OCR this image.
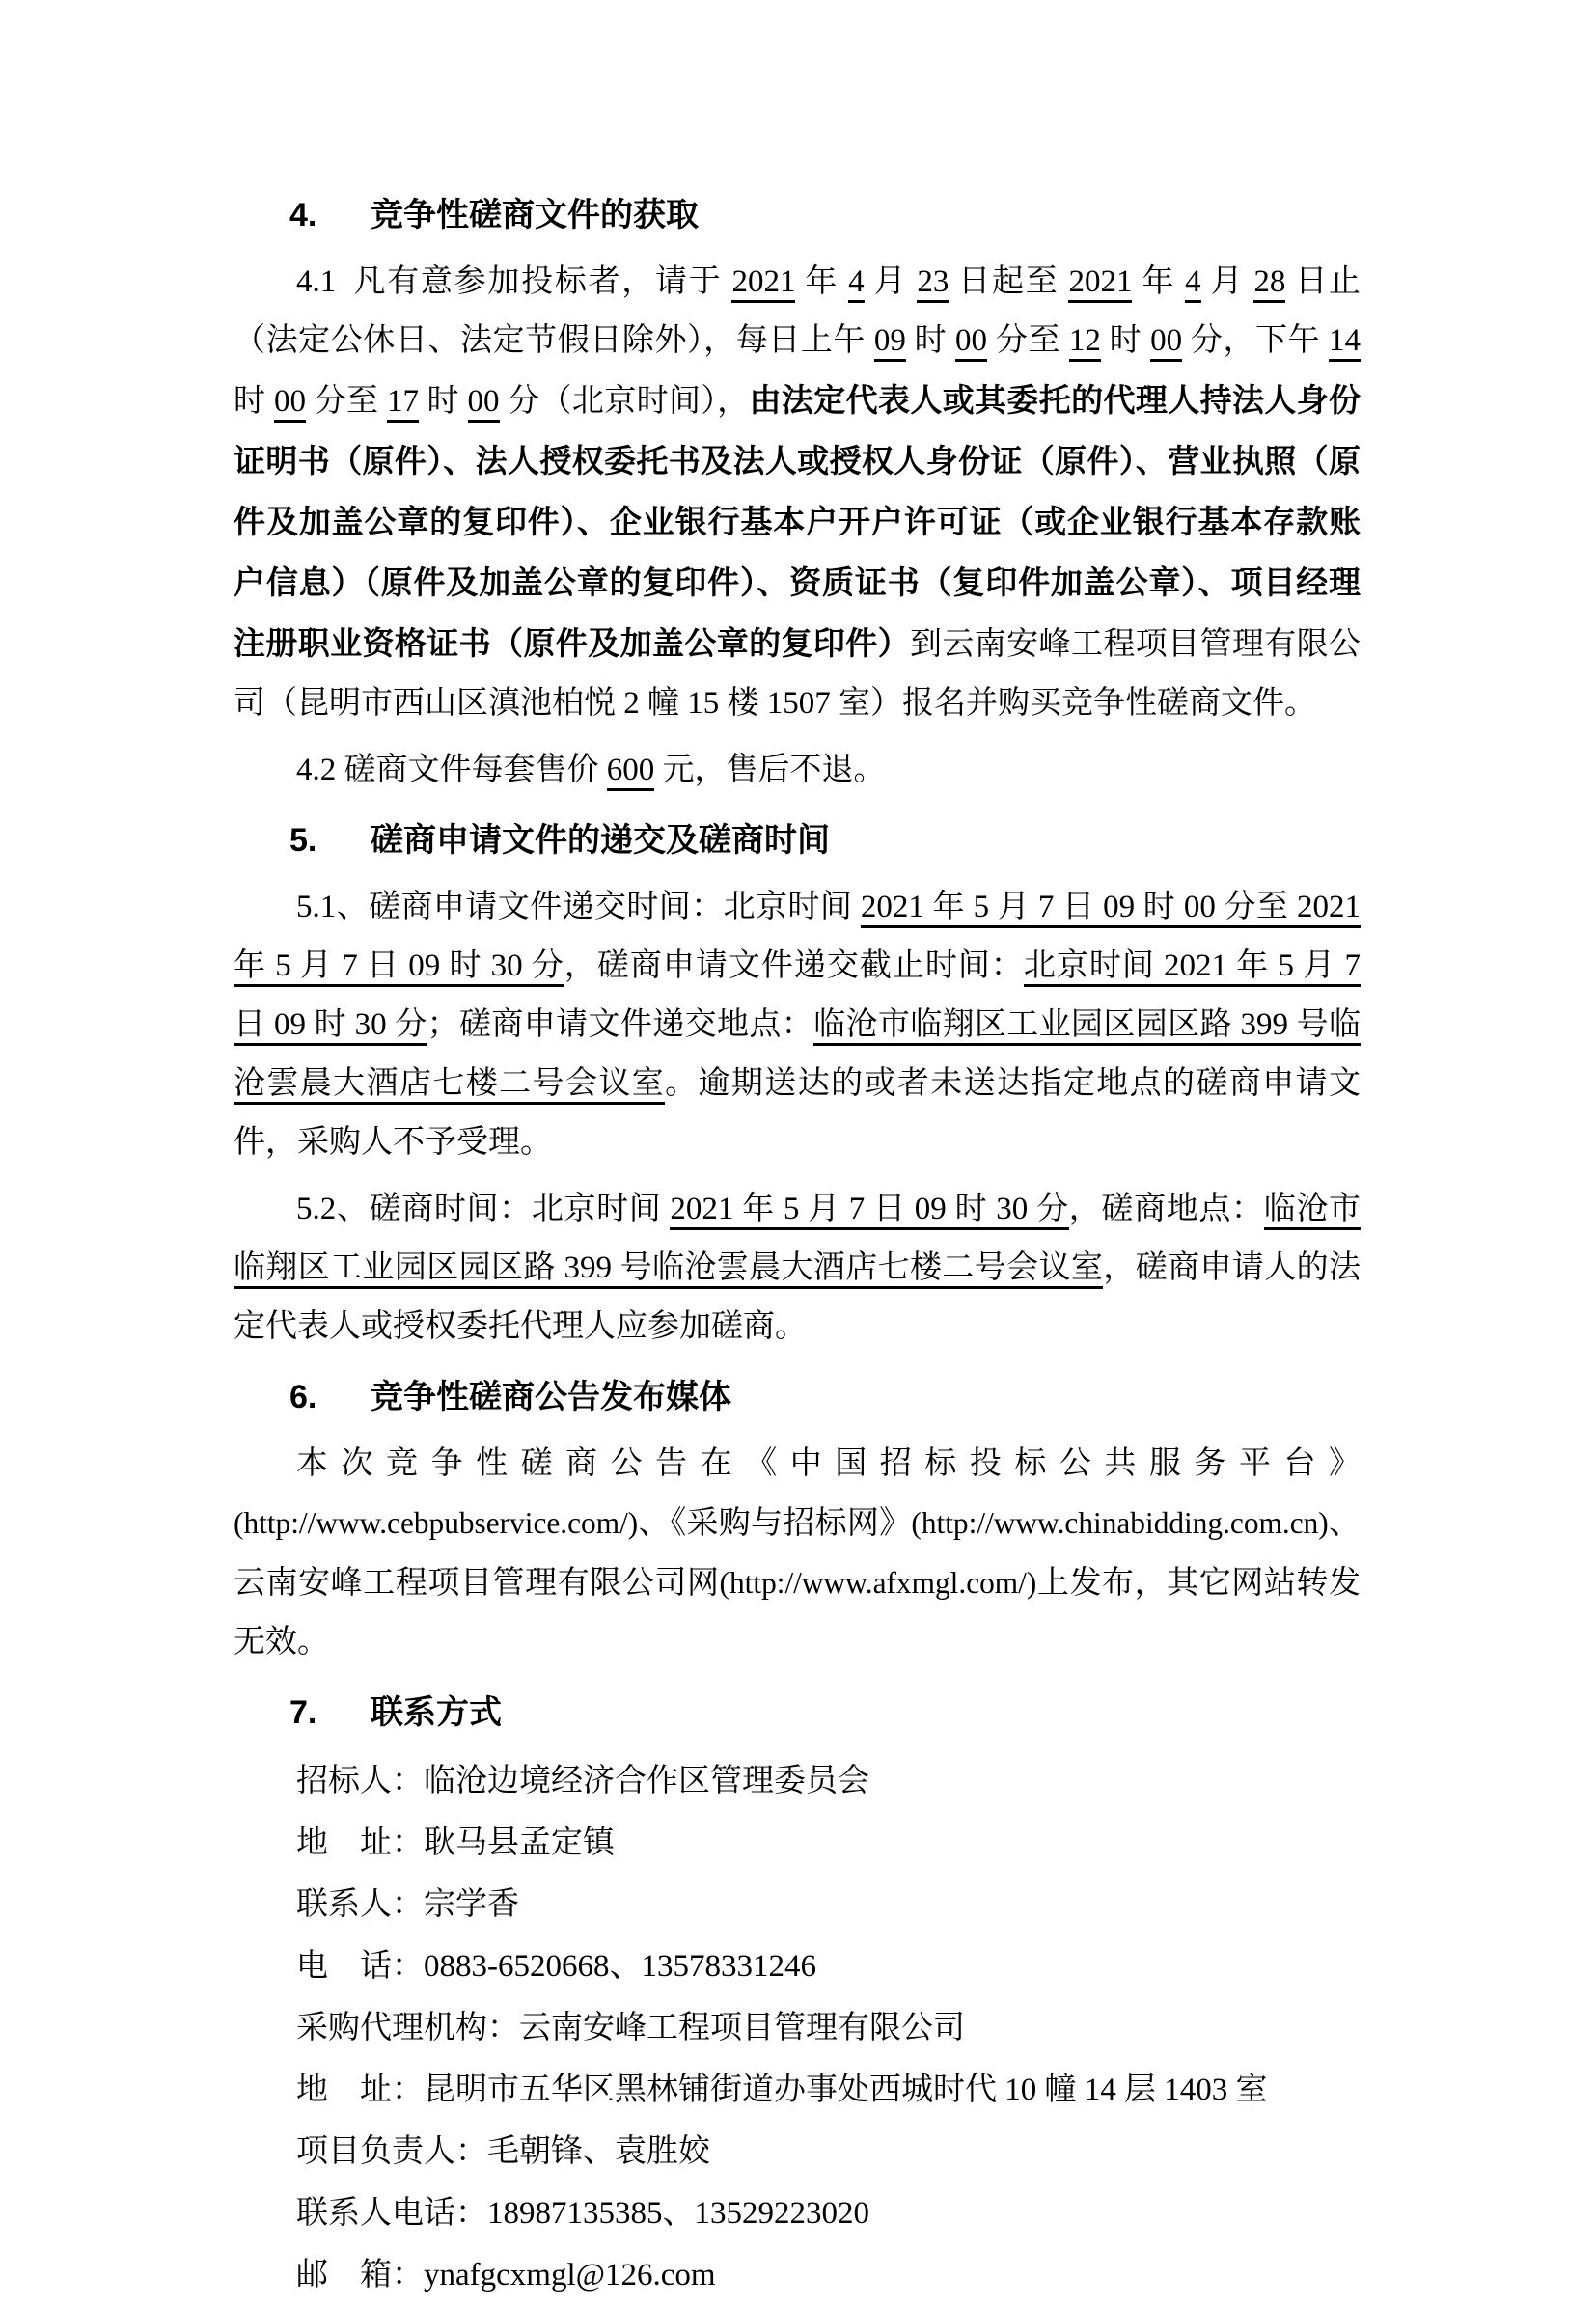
4. 竞争性磋商文件的获取
4.1 凡有意参加投标者，请于 2021 年 4 月 23 日起至 2021 年 4 月 28 日止（法定公休日、法定节假日除外），每日上午 09 时 00 分至 12 时 00 分，下午 14 时 00 分至 17 时 00 分（北京时间），由法定代表人或其委托的代理人持法人身份证明书（原件）、法人授权委托书及法人或授权人身份证（原件）、营业执照（原件及加盖公章的复印件）、企业银行基本户开户许可证（或企业银行基本存款账户信息）（原件及加盖公章的复印件）、资质证书（复印件加盖公章）、项目经理注册职业资格证书（原件及加盖公章的复印件）到云南安峰工程项目管理有限公司（昆明市西山区滇池柏悦 2 幢 15 楼 1507 室）报名并购买竞争性磋商文件。
4.2 磋商文件每套售价 600 元，售后不退。
5. 磋商申请文件的递交及磋商时间
5.1、磋商申请文件递交时间：北京时间 2021 年 5 月 7 日 09 时 00 分至 2021 年 5 月 7 日 09 时 30 分，磋商申请文件递交截止时间：北京时间 2021 年 5 月 7 日 09 时 30 分；磋商申请文件递交地点：临沧市临翔区工业园区园区路 399 号临沧雲晨大酒店七楼二号会议室。逾期送达的或者未送达指定地点的磋商申请文件，采购人不予受理。
5.2、磋商时间：北京时间 2021 年 5 月 7 日 09 时 30 分，磋商地点：临沧市临翔区工业园区园区路 399 号临沧雲晨大酒店七楼二号会议室，磋商申请人的法定代表人或授权委托代理人应参加磋商。
6. 竞争性磋商公告发布媒体
本次竞争性磋商公告在《中国招标投标公共服务平台》(http://www.cebpubservice.com/)、《采购与招标网》(http://www.chinabidding.com.cn)、云南安峰工程项目管理有限公司网(http://www.afxmgl.com/)上发布，其它网站转发无效。
7. 联系方式
招标人：临沧边境经济合作区管理委员会
地　址：耿马县孟定镇
联系人：宗学香
电　话：0883-6520668、13578331246
采购代理机构：云南安峰工程项目管理有限公司
地　址：昆明市五华区黑林铺街道办事处西城时代 10 幢 14 层 1403 室
项目负责人：毛朝锋、袁胜姣
联系人电话：18987135385、13529223020
邮　箱：ynafgcxmgl@126.com
